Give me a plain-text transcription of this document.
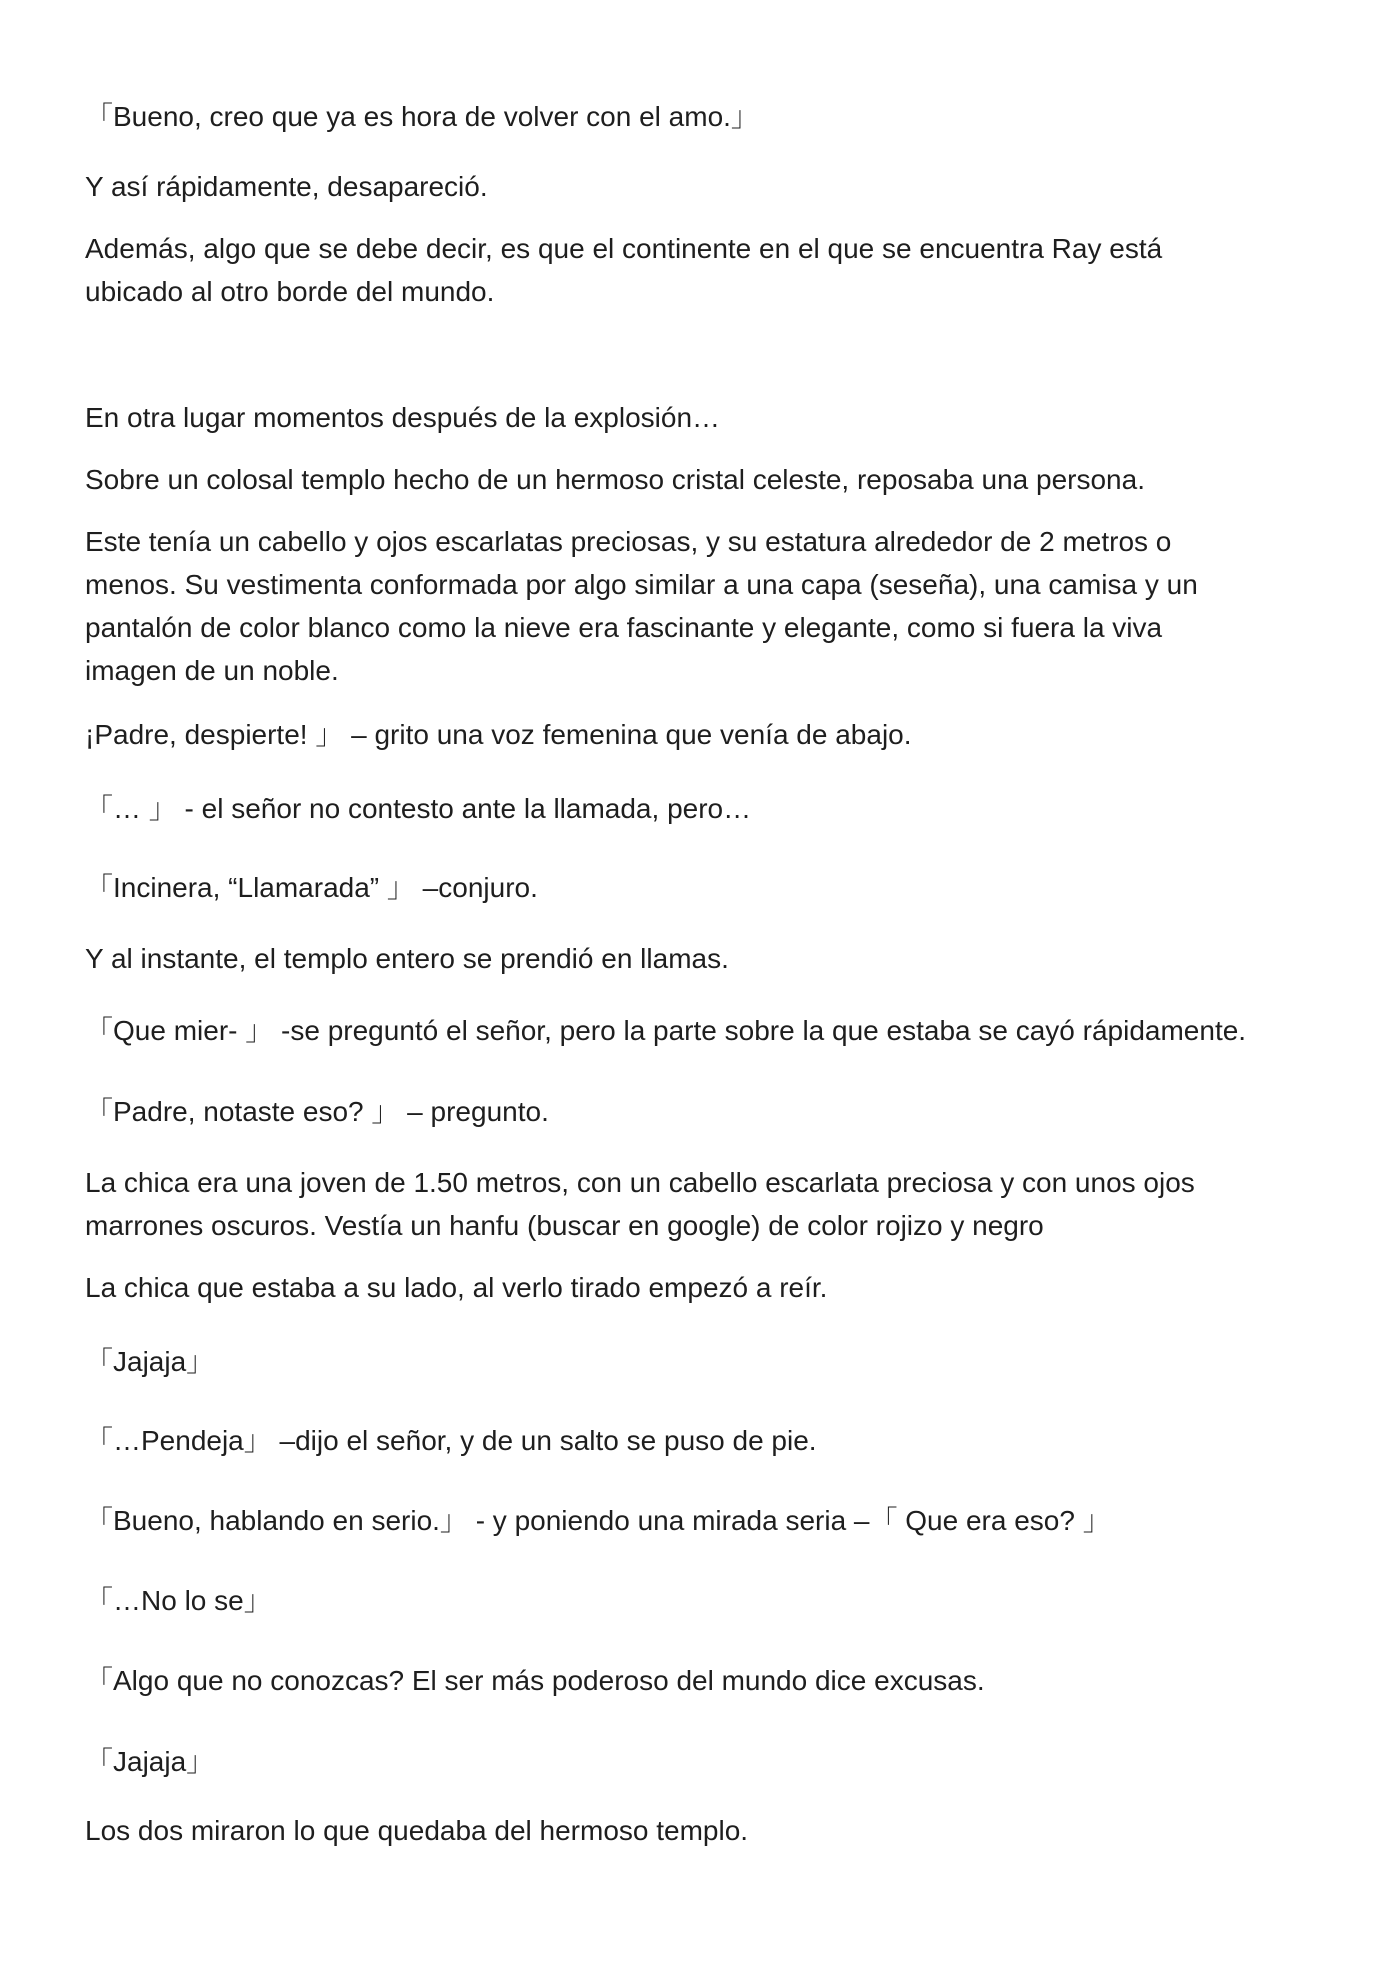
「Bueno, creo que ya es hora de volver con el amo.」

Y así rápidamente, desapareció.

Además, algo que se debe decir, es que el continente en el que se encuentra Ray está
ubicado al otro borde del mundo.

En otra lugar momentos después de la explosión…

Sobre un colosal templo hecho de un hermoso cristal celeste, reposaba una persona.

Este tenía un cabello y ojos escarlatas preciosas, y su estatura alrededor de 2 metros o
menos. Su vestimenta conformada por algo similar a una capa (seseña), una camisa y un
pantalón de color blanco como la nieve era fascinante y elegante, como si fuera la viva
imagen de un noble.

¡Padre, despierte! 」 – grito una voz femenina que venía de abajo.

「… 」 - el señor no contesto ante la llamada, pero…

「Incinera, “Llamarada” 」 –conjuro.

Y al instante, el templo entero se prendió en llamas.

「Que mier- 」 -se preguntó el señor, pero la parte sobre la que estaba se cayó rápidamente.

「Padre, notaste eso? 」 – pregunto.

La chica era una joven de 1.50 metros, con un cabello escarlata preciosa y con unos ojos
marrones oscuros. Vestía un hanfu (buscar en google) de color rojizo y negro

La chica que estaba a su lado, al verlo tirado empezó a reír.

「Jajaja」

「…Pendeja」 –dijo el señor, y de un salto se puso de pie.

「Bueno, hablando en serio.」 - y poniendo una mirada seria –「 Que era eso? 」

「…No lo se」

「Algo que no conozcas? El ser más poderoso del mundo dice excusas.

「Jajaja」

Los dos miraron lo que quedaba del hermoso templo.
